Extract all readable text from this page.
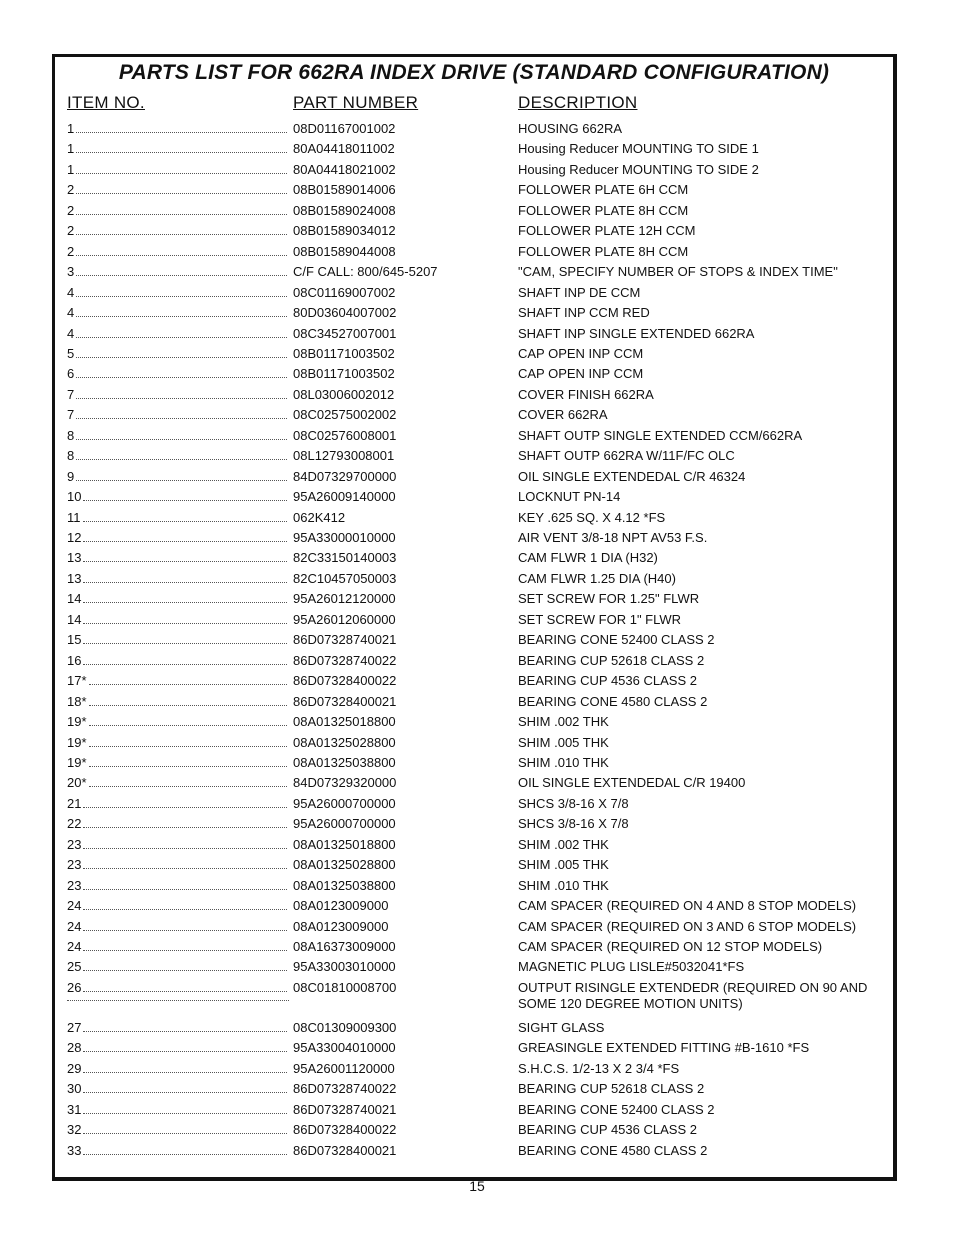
PARTS LIST FOR 662RA INDEX DRIVE (STANDARD CONFIGURATION)
ITEM NO.	PART NUMBER	DESCRIPTION
1	08D01167001002	HOUSING 662RA
1	80A04418011002	Housing Reducer MOUNTING TO SIDE 1
1	80A04418021002	Housing Reducer MOUNTING TO SIDE 2
2	08B01589014006	FOLLOWER PLATE 6H CCM
2	08B01589024008	FOLLOWER PLATE 8H CCM
2	08B01589034012	FOLLOWER PLATE 12H CCM
2	08B01589044008	FOLLOWER PLATE 8H CCM
3	C/F CALL: 800/645-5207	"CAM, SPECIFY NUMBER OF STOPS & INDEX TIME"
4	08C01169007002	SHAFT INP DE CCM
4	80D03604007002	SHAFT INP CCM RED
4	08C34527007001	SHAFT INP SINGLE EXTENDED 662RA
5	08B01171003502	CAP OPEN INP CCM
6	08B01171003502	CAP OPEN INP CCM
7	08L03006002012	COVER FINISH 662RA
7	08C02575002002	COVER 662RA
8	08C02576008001	SHAFT OUTP SINGLE EXTENDED CCM/662RA
8	08L12793008001	SHAFT OUTP 662RA W/11F/FC OLC
9	84D07329700000	OIL SINGLE EXTENDEDAL C/R 46324
10	95A26009140000	LOCKNUT PN-14
11	062K412	KEY .625 SQ. X 4.12 *FS
12	95A33000010000	AIR VENT 3/8-18 NPT AV53 F.S.
13	82C33150140003	CAM FLWR 1 DIA (H32)
13	82C10457050003	CAM FLWR 1.25 DIA (H40)
14	95A26012120000	SET SCREW FOR 1.25" FLWR
14	95A26012060000	SET SCREW FOR 1" FLWR
15	86D07328740021	BEARING CONE 52400 CLASS 2
16	86D07328740022	BEARING CUP 52618 CLASS 2
17*	86D07328400022	BEARING CUP 4536 CLASS 2
18*	86D07328400021	BEARING CONE 4580 CLASS 2
19*	08A01325018800	SHIM .002 THK
19*	08A01325028800	SHIM .005 THK
19*	08A01325038800	SHIM .010 THK
20*	84D07329320000	OIL SINGLE EXTENDEDAL C/R 19400
21	95A26000700000	SHCS 3/8-16 X 7/8
22	95A26000700000	SHCS 3/8-16 X 7/8
23	08A01325018800	SHIM .002 THK
23	08A01325028800	SHIM .005 THK
23	08A01325038800	SHIM .010 THK
24	08A0123009000	CAM SPACER (REQUIRED ON 4 AND 8 STOP MODELS)
24	08A0123009000	CAM SPACER (REQUIRED ON 3 AND 6 STOP MODELS)
24	08A16373009000	CAM SPACER (REQUIRED ON 12 STOP MODELS)
25	95A33003010000	MAGNETIC PLUG LISLE#5032041*FS
26	08C01810008700	OUTPUT RISINGLE EXTENDEDR (REQUIRED ON 90 AND SOME 120 DEGREE MOTION UNITS)
27	08C01309009300	SIGHT GLASS
28	95A33004010000	GREASINGLE EXTENDED FITTING #B-1610 *FS
29	95A26001120000	S.H.C.S. 1/2-13 X 2 3/4 *FS
30	86D07328740022	BEARING CUP 52618 CLASS 2
31	86D07328740021	BEARING CONE 52400 CLASS 2
32	86D07328400022	BEARING CUP 4536 CLASS 2
33	86D07328400021	BEARING CONE 4580 CLASS 2
15
